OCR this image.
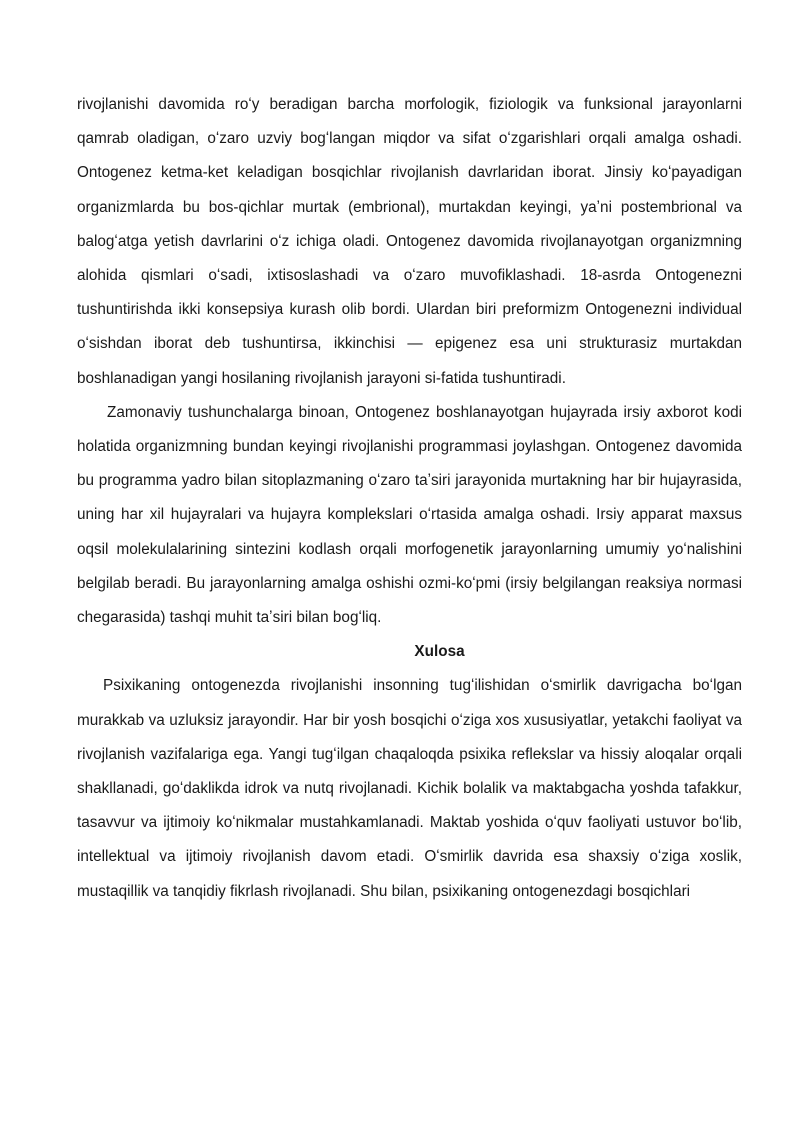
rivojlanishi davomida roʻy beradigan barcha morfologik, fiziologik va funksional jarayonlarni qamrab oladigan, oʻzaro uzviy bogʻlangan miqdor va sifat oʻzgarishlari orqali amalga oshadi. Ontogenez ketma-ket keladigan bosqichlar rivojlanish davrlaridan iborat. Jinsiy koʻpayadigan organizmlarda bu bos-qichlar murtak (embrional), murtakdan keyingi, yaʼni postembrional va balogʻatga yetish davrlarini oʻz ichiga oladi. Ontogenez davomida rivojlanayotgan organizmning alohida qismlari oʻsadi, ixtisoslashadi va oʻzaro muvofiklashadi. 18-asrda Ontogenezni tushuntirishda ikki konsepsiya kurash olib bordi. Ulardan biri preformizm Ontogenezni individual oʻsishdan iborat deb tushuntirsa, ikkinchisi — epigenez esa uni strukturasiz murtakdan boshlanadigan yangi hosilaning rivojlanish jarayoni si-fatida tushuntiradi.

Zamonaviy tushunchalarga binoan, Ontogenez boshlanayotgan hujayrada irsiy axborot kodi holatida organizmning bundan keyingi rivojlanishi programmasi joylashgan. Ontogenez davomida bu programma yadro bilan sitoplazmaning oʻzaro taʼsiri jarayonida murtakning har bir hujayrasida, uning har xil hujayralari va hujayra komplekslari oʻrtasida amalga oshadi. Irsiy apparat maxsus oqsil molekulalarining sintezini kodlash orqali morfogenetik jarayonlarning umumiy yoʻnalishini belgilab beradi. Bu jarayonlarning amalga oshishi ozmi-koʻpmi (irsiy belgilangan reaksiya normasi chegarasida) tashqi muhit taʼsiri bilan bogʻliq.

Xulosa

Psixikaning ontogenezda rivojlanishi insonning tugʻilishidan oʻsmirlik davrigacha boʻlgan murakkab va uzluksiz jarayondir. Har bir yosh bosqichi oʻziga xos xususiyatlar, yetakchi faoliyat va rivojlanish vazifalariga ega. Yangi tugʻilgan chaqaloqda psixika reflekslar va hissiy aloqalar orqali shakllanadi, goʻdaklikda idrok va nutq rivojlanadi. Kichik bolalik va maktabgacha yoshda tafakkur, tasavvur va ijtimoiy koʻnikmalar mustahkamlanadi. Maktab yoshida oʻquv faoliyati ustuvor boʻlib, intellektual va ijtimoiy rivojlanish davom etadi. Oʻsmirlik davrida esa shaxsiy oʻziga xoslik, mustaqillik va tanqidiy fikrlash rivojlanadi. Shu bilan, psixikaning ontogenezdagi bosqichlari
